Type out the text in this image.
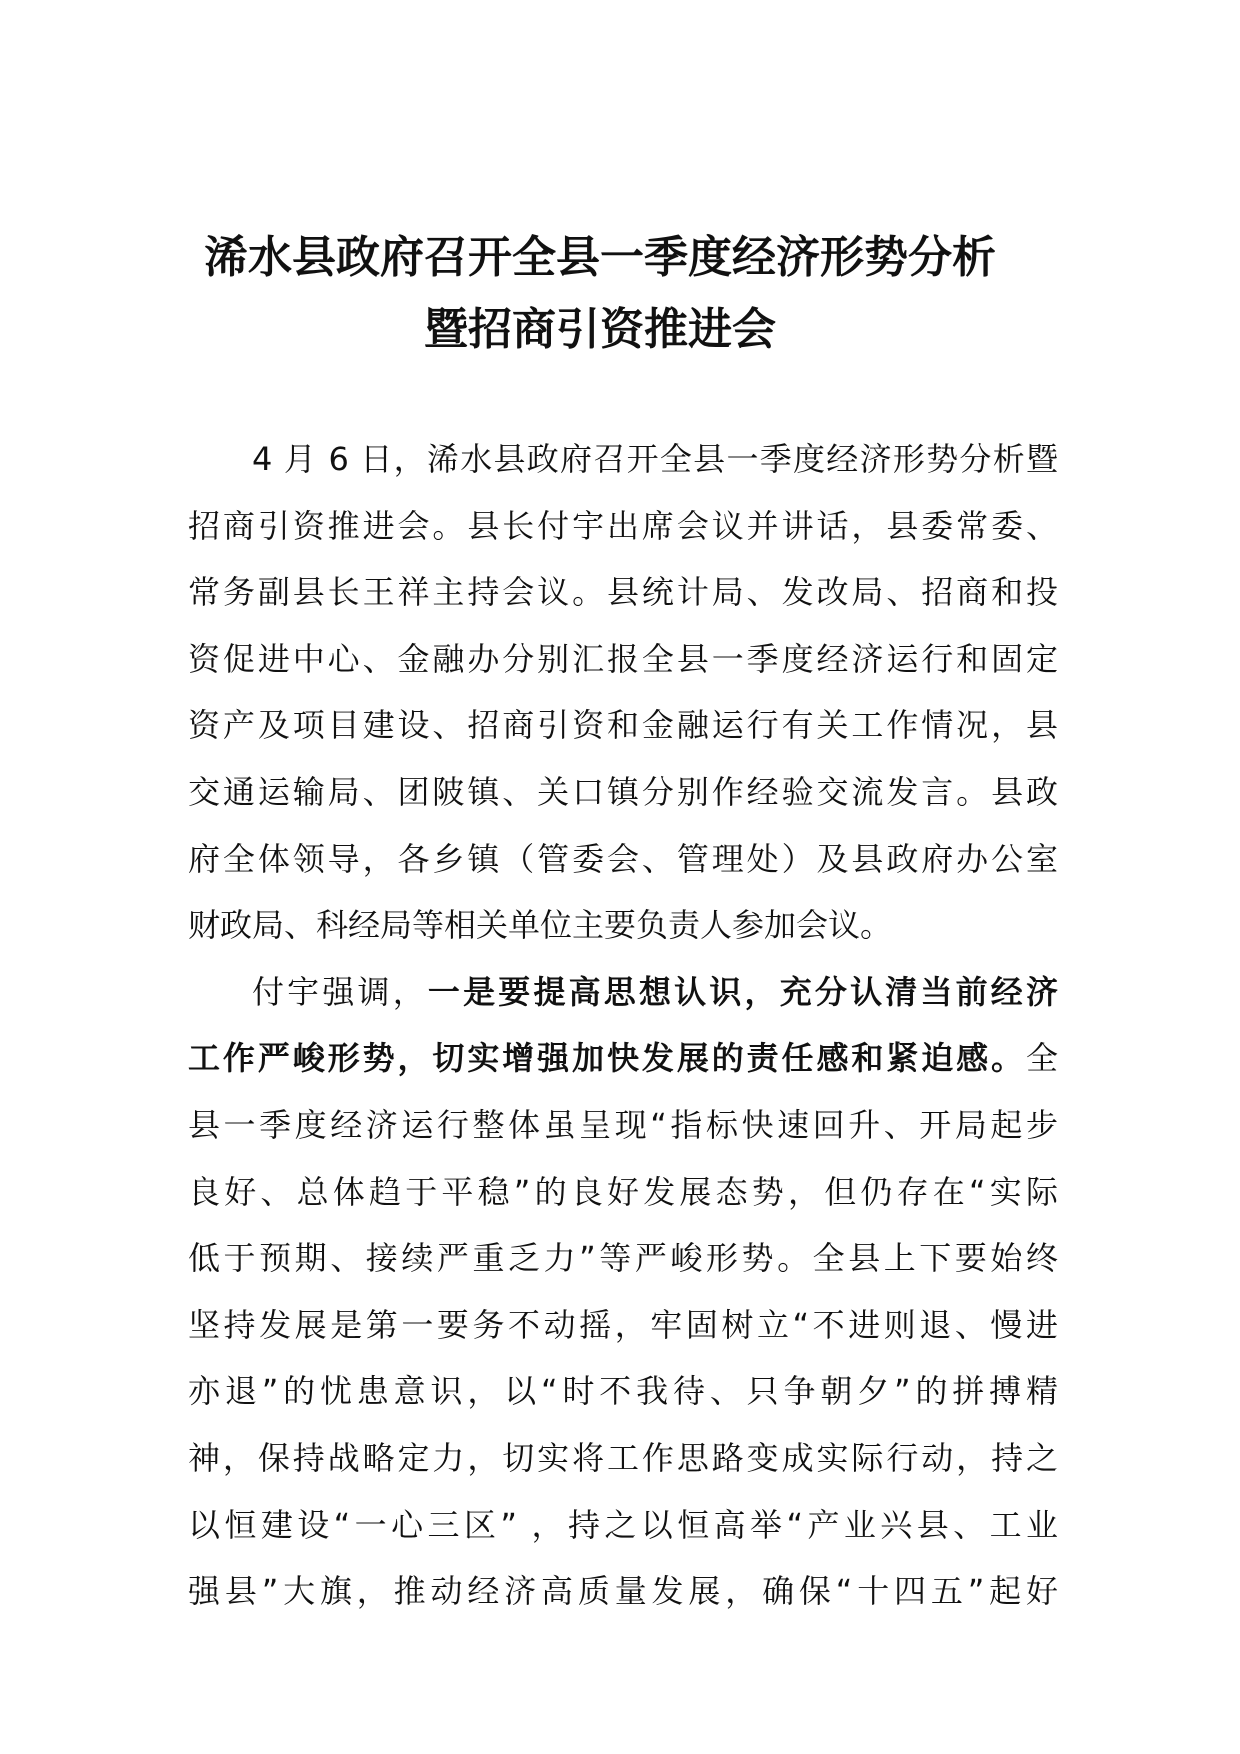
浠水县政府召开全县一季度经济形势分析
暨招商引资推进会
4 月 6 日，浠水县政府召开全县一季度经济形势分析暨
招商引资推进会。县长付宇出席会议并讲话，县委常委、
常务副县长王祥主持会议。县统计局、发改局、招商和投
资促进中心、金融办分别汇报全县一季度经济运行和固定
资产及项目建设、招商引资和金融运行有关工作情况，县
交通运输局、团陂镇、关口镇分别作经验交流发言。县政
府全体领导，各乡镇（管委会、管理处）及县政府办公室
财政局、科经局等相关单位主要负责人参加会议。
付宇强调，一是要提高思想认识，充分认清当前经济
工作严峻形势，切实增强加快发展的责任感和紧迫感。全
县一季度经济运行整体虽呈现“指标快速回升、开局起步
良好、总体趋于平稳”的良好发展态势，但仍存在“实际
低于预期、接续严重乏力”等严峻形势。全县上下要始终
坚持发展是第一要务不动摇，牢固树立“不进则退、慢进
亦退”的忧患意识，以“时不我待、只争朝夕”的拼搏精
神，保持战略定力，切实将工作思路变成实际行动，持之
以恒建设“一心三区” ，持之以恒高举“产业兴县、工业
强县”大旗，推动经济高质量发展，确保“十四五”起好
